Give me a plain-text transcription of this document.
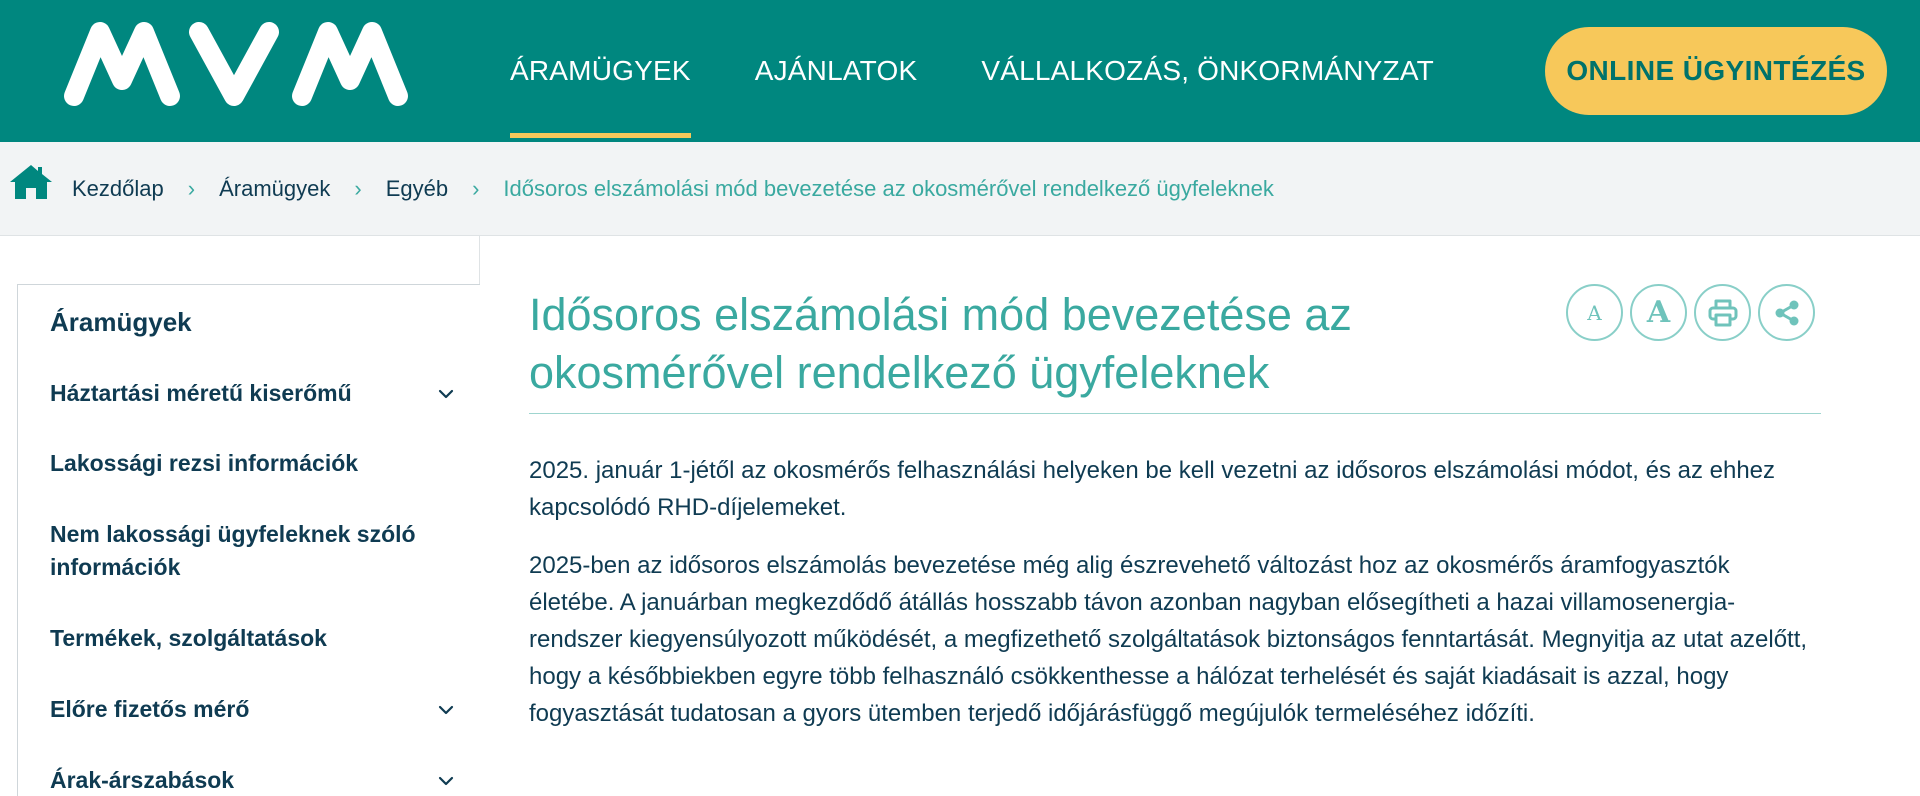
ÁRAMÜGYEK AJÁNLATOK VÁLLALKOZÁS, ÖNKORMÁNYZAT	ONLINE ÜGYINTÉZÉS
Kezdőlap › Áramügyek › Egyéb › Idősoros elszámolási mód bevezetése az okosmérővel rendelkező ügyfeleknek
Áramügyek
Háztartási méretű kiserőmű
Lakossági rezsi információk
Nem lakossági ügyfeleknek szóló információk
Termékek, szolgáltatások
Előre fizetős mérő
Árak-árszabások
Idősoros elszámolási mód bevezetése az okosmérővel rendelkező ügyfeleknek
A	A

2025. január 1-jétől az okosmérős felhasználási helyeken be kell vezetni az idősoros elszámolási módot, és az ehhez kapcsolódó RHD-díjelemeket.

2025-ben az idősoros elszámolás bevezetése még alig észrevehető változást hoz az okosmérős áramfogyasztók életébe. A januárban megkezdődő átállás hosszabb távon azonban nagyban elősegítheti a hazai villamosenergia-rendszer kiegyensúlyozott működését, a megfizethető szolgáltatások biztonságos fenntartását. Megnyitja az utat azelőtt, hogy a későbbiekben egyre több felhasználó csökkenthesse a hálózat terhelését és saját kiadásait is azzal, hogy fogyasztását tudatosan a gyors ütemben terjedő időjárásfüggő megújulók termeléséhez időzíti.
